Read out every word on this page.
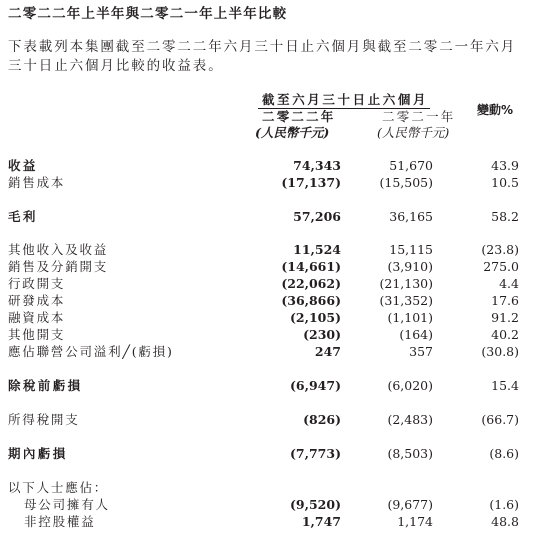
二零二二年上半年與二零二一年上半年比較
下表載列本集團截至二零二二年六月三十日止六個月與截至二零二一年六月
三十日止六個月比較的收益表。
截至六月三十日止六個月
二零二二年	二零二一年
(人民幣千元)	(人民幣千元)
變動%
收益	74,343	51,670	43.9
銷售成本	(17,137)	(15,505)	10.5
毛利	57,206	36,165	58.2
其他收入及收益	11,524	15,115	(23.8)
銷售及分銷開支	(14,661)	(3,910)	275.0
行政開支	(22,062)	(21,130)	4.4
研發成本	(36,866)	(31,352)	17.6
融資成本	(2,105)	(1,101)	91.2
其他開支	(230)	(164)	40.2
應佔聯營公司溢利╱(虧損)	247	357	(30.8)
除稅前虧損	(6,947)	(6,020)	15.4
所得稅開支	(826)	(2,483)	(66.7)
期內虧損	(7,773)	(8,503)	(8.6)
以下人士應佔：
母公司擁有人	(9,520)	(9,677)	(1.6)
非控股權益	1,747	1,174	48.8
